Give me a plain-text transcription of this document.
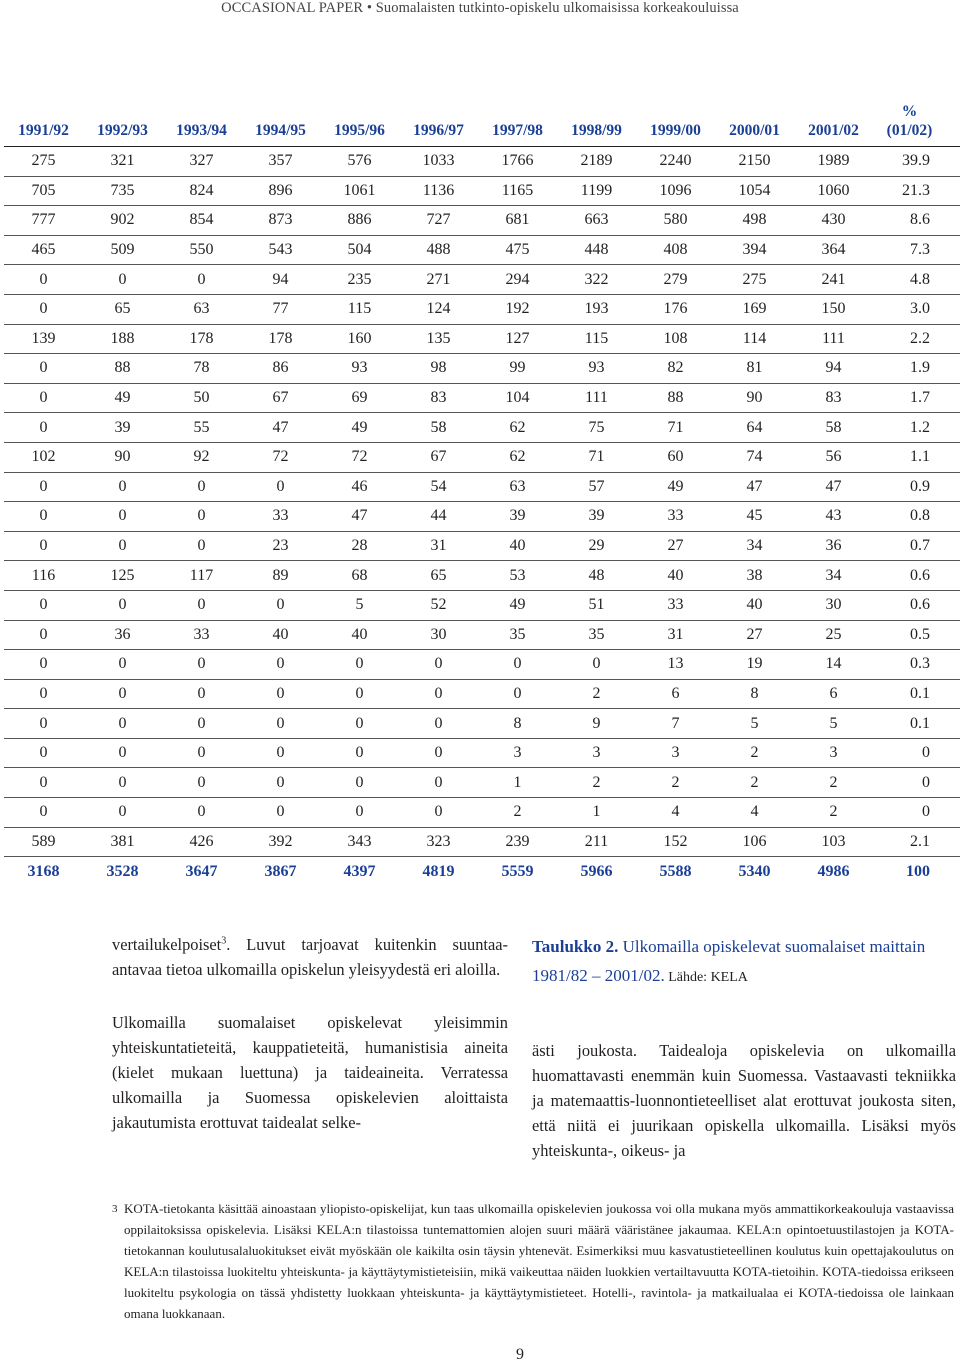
OCCASIONAL PAPER • Suomalaisten tutkinto-opiskelu ulkomaisissa korkeakouluissa
1991/92	1992/93	1993/94	1994/95	1995/96	1996/97	1997/98	1998/99	1999/00	2000/01	2001/02	%
(01/02)
275	321	327	357	576	1033	1766	2189	2240	2150	1989	39.9
705	735	824	896	1061	1136	1165	1199	1096	1054	1060	21.3
777	902	854	873	886	727	681	663	580	498	430	8.6
465	509	550	543	504	488	475	448	408	394	364	7.3
0	0	0	94	235	271	294	322	279	275	241	4.8
0	65	63	77	115	124	192	193	176	169	150	3.0
139	188	178	178	160	135	127	115	108	114	111	2.2
0	88	78	86	93	98	99	93	82	81	94	1.9
0	49	50	67	69	83	104	111	88	90	83	1.7
0	39	55	47	49	58	62	75	71	64	58	1.2
102	90	92	72	72	67	62	71	60	74	56	1.1
0	0	0	0	46	54	63	57	49	47	47	0.9
0	0	0	33	47	44	39	39	33	45	43	0.8
0	0	0	23	28	31	40	29	27	34	36	0.7
116	125	117	89	68	65	53	48	40	38	34	0.6
0	0	0	0	5	52	49	51	33	40	30	0.6
0	36	33	40	40	30	35	35	31	27	25	0.5
0	0	0	0	0	0	0	0	13	19	14	0.3
0	0	0	0	0	0	0	2	6	8	6	0.1
0	0	0	0	0	0	8	9	7	5	5	0.1
0	0	0	0	0	0	3	3	3	2	3	0
0	0	0	0	0	0	1	2	2	2	2	0
0	0	0	0	0	0	2	1	4	4	2	0
589	381	426	392	343	323	239	211	152	106	103	2.1
3168	3528	3647	3867	4397	4819	5559	5966	5588	5340	4986	100

vertailukelpoiset$^3$. Luvut tarjoavat kuitenkin suuntaa-antavaa tietoa ulkomailla opiskelun yleisyydestä eri aloilla.

Ulkomailla suomalaiset opiskelevat yleisimmin yhteiskuntatieteitä, kauppatieteitä, humanistisia aineita (kielet mukaan luettuna) ja taideaineita. Verratessa ulkomailla ja Suomessa opiskelevien aloittaista jakautumista erottuvat taidealat selke-

Taulukko 2. Ulkomailla opiskelevat suomalaiset maittain 1981/82 – 2001/02. Lähde: KELA

ästi joukosta. Taidealoja opiskelevia on ulkomailla huomattavasti enemmän kuin Suomessa. Vastaavasti tekniikka ja matemaattis-luonnontieteelliset alat erottuvat joukosta siten, että niitä ei juurikaan opiskella ulkomailla. Lisäksi myös yhteiskunta-, oikeus- ja

3 KOTA-tietokanta käsittää ainoastaan yliopisto-opiskelijat, kun taas ulkomailla opiskelevien joukossa voi olla mukana myös ammattikorkeakouluja vastaavissa oppilaitoksissa opiskelevia. Lisäksi KELA:n tilastoissa tuntemattomien alojen suuri määrä vääristänee jakaumaa. KELA:n opintoetuustilastojen ja KOTA-tietokannan koulutusalaluokitukset eivät myöskään ole kaikilta osin täysin yhtenevät. Esimerkiksi muu kasvatustieteellinen koulutus kuin opettajakoulutus on KELA:n tilastoissa luokiteltu yhteiskunta- ja käyttäytymistieteisiin, mikä vaikeuttaa näiden luokkien vertailtavuutta KOTA-tietoihin. KOTA-tiedoissa erikseen luokiteltu psykologia on tässä yhdistetty luokkaan yhteiskunta- ja käyttäytymistieteet. Hotelli-, ravintola- ja matkailualaa ei KOTA-tiedoissa ole lainkaan omana luokkanaan.
9
